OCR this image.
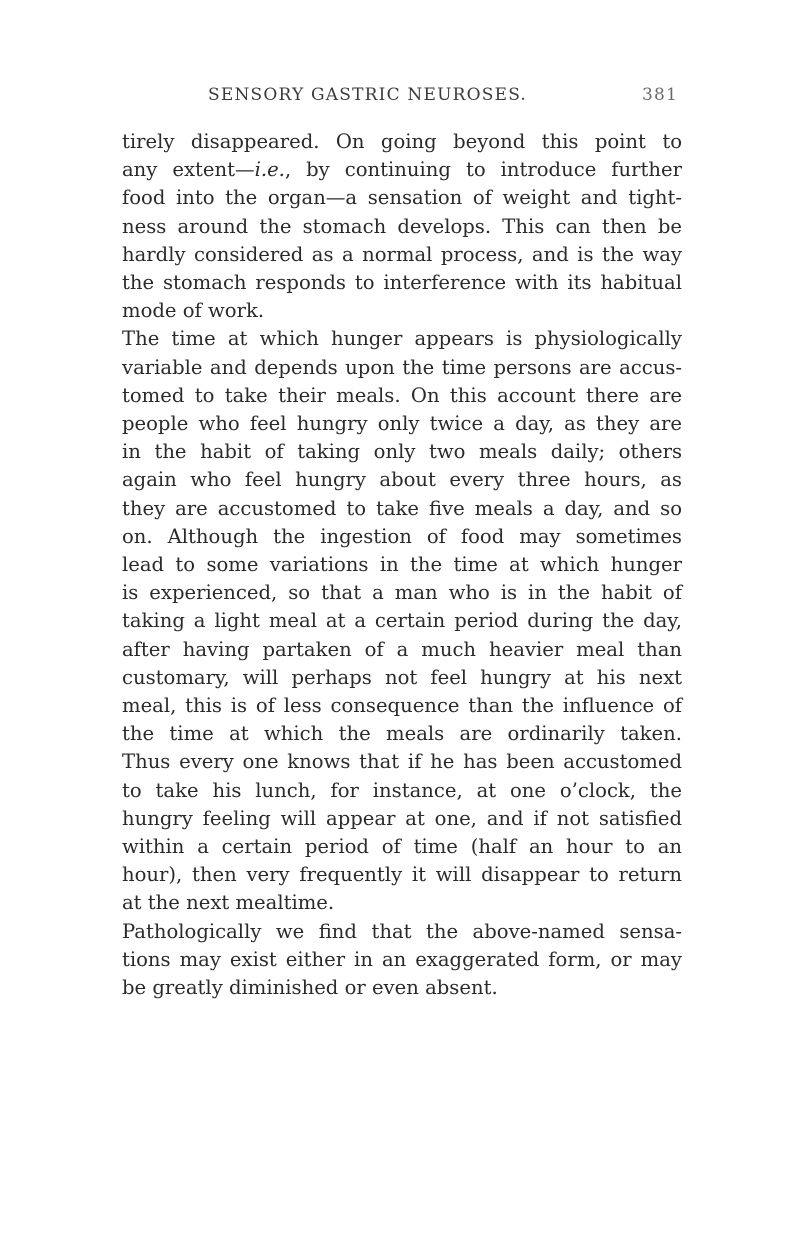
SENSORY GASTRIC NEUROSES.	381

tirely disappeared. On going beyond this point to
any extent—i.e., by continuing to introduce further
food into the organ—a sensation of weight and tight-
ness around the stomach develops. This can then be
hardly considered as a normal process, and is the way
the stomach responds to interference with its habitual
mode of work.

The time at which hunger appears is physiologically
variable and depends upon the time persons are accus-
tomed to take their meals. On this account there are
people who feel hungry only twice a day, as they are
in the habit of taking only two meals daily; others
again who feel hungry about every three hours, as
they are accustomed to take five meals a day, and so
on. Although the ingestion of food may sometimes
lead to some variations in the time at which hunger
is experienced, so that a man who is in the habit of
taking a light meal at a certain period during the day,
after having partaken of a much heavier meal than
customary, will perhaps not feel hungry at his next
meal, this is of less consequence than the influence of
the time at which the meals are ordinarily taken.
Thus every one knows that if he has been accustomed
to take his lunch, for instance, at one o’clock, the
hungry feeling will appear at one, and if not satisfied
within a certain period of time (half an hour to an
hour), then very frequently it will disappear to return
at the next mealtime.

Pathologically we find that the above-named sensa-
tions may exist either in an exaggerated form, or may
be greatly diminished or even absent.
